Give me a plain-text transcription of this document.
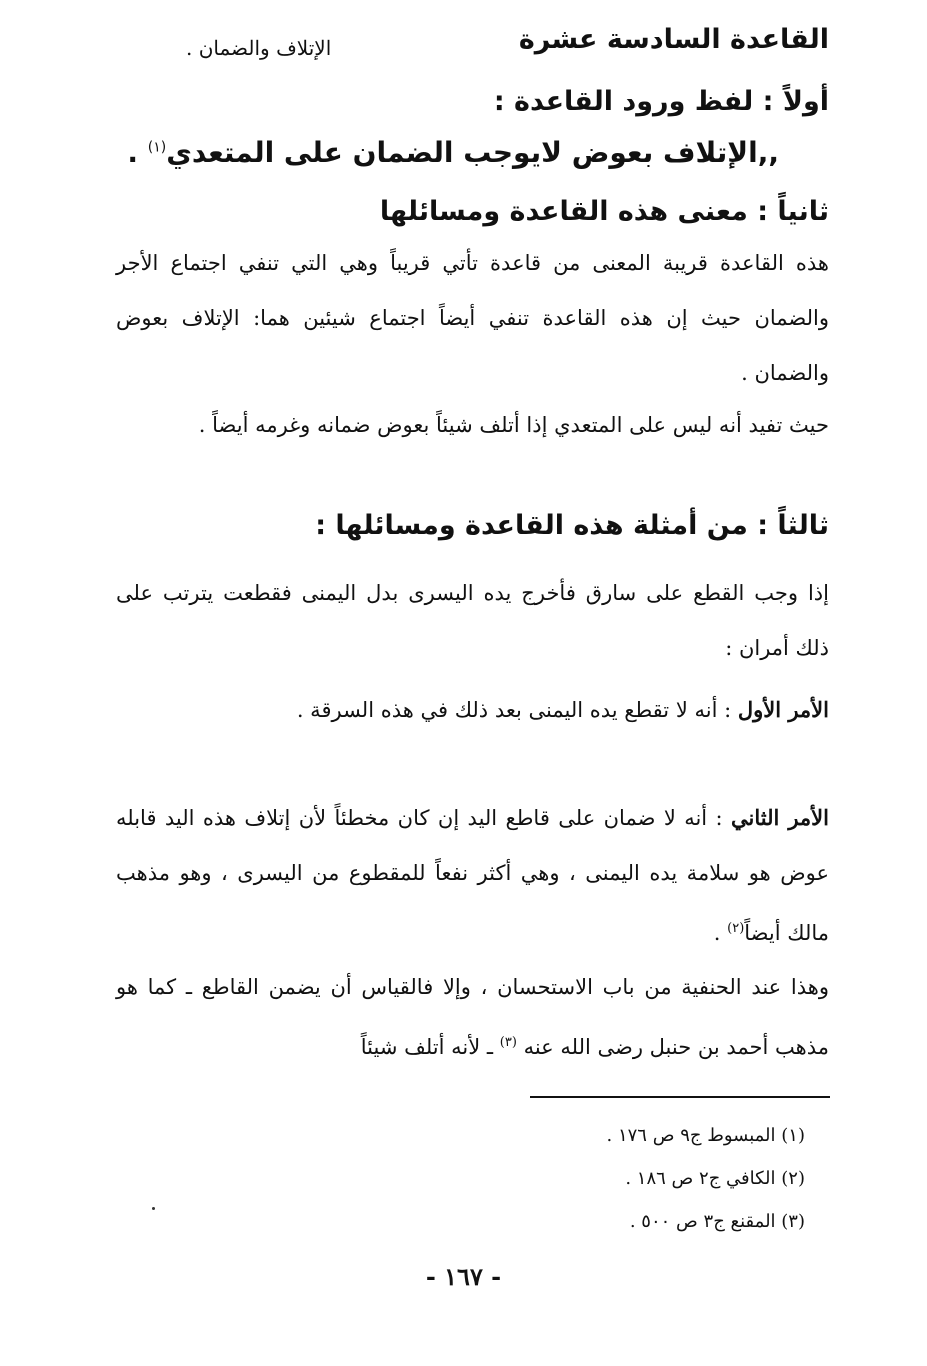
القاعدة السادسة عشرة
الإتلاف والضمان .
أولاً : لفظ ورود القاعدة :
,,الإتلاف بعوض لايوجب الضمان على المتعدي$^{(١)}$ .
ثانياً : معنى هذه القاعدة ومسائلها

هذه القاعدة قريبة المعنى من قاعدة تأتي قريباً وهي التي تنفي اجتماع الأجر والضمان حيث إن هذه القاعدة تنفي أيضاً اجتماع شيئين هما: الإتلاف بعوض والضمان .

حيث تفيد أنه ليس على المتعدي إذا أتلف شيئاً بعوض ضمانه وغرمه أيضاً .

ثالثاً : من أمثلة هذه القاعدة ومسائلها :

إذا وجب القطع على سارق فأخرج يده اليسرى بدل اليمنى فقطعت يترتب على ذلك أمران :

الأمر الأول : أنه لا تقطع يده اليمنى بعد ذلك في هذه السرقة .

الأمر الثاني : أنه لا ضمان على قاطع اليد إن كان مخطئاً لأن إتلاف هذه اليد قابله عوض هو سلامة يده اليمنى ، وهي أكثر نفعاً للمقطوع من اليسرى ، وهو مذهب مالك أيضاً$^{(٢)}$ .

وهذا عند الحنفية من باب الاستحسان ، وإلا فالقياس أن يضمن القاطع ـ كما هو مذهب أحمد بن حنبل رضى الله عنه $^{(٣)}$ ـ لأنه أتلف شيئاً

(١) المبسوط ج٩ ص ١٧٦ .
(٢) الكافي ج٢ ص ١٨٦ .
(٣) المقنع ج٣ ص ٥٠٠ .
- ١٦٧ -
